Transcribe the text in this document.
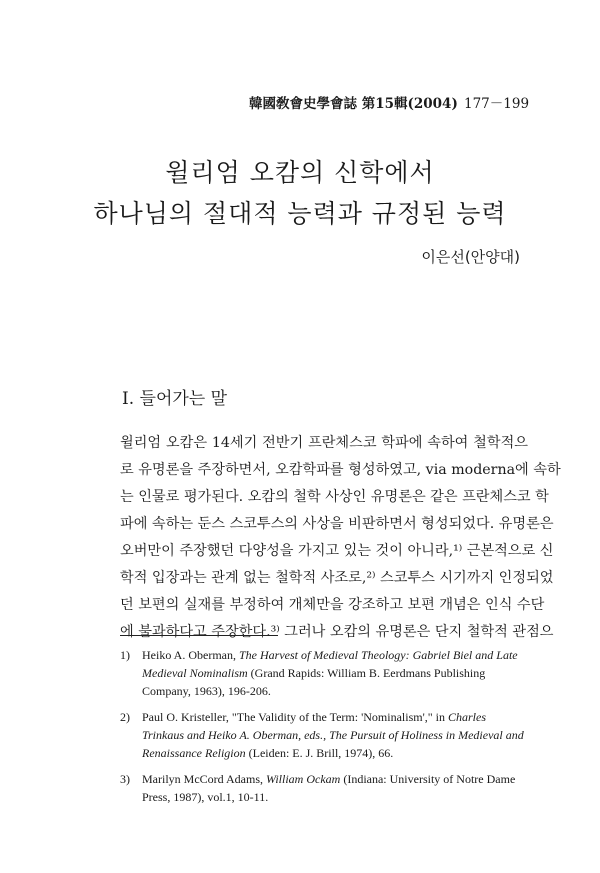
韓國敎會史學會誌 第15輯(2004) 177－199
윌리엄 오캄의 신학에서
하나님의 절대적 능력과 규정된 능력
이은선(안양대)
I. 들어가는 말
윌리엄 오캄은 14세기 전반기 프란체스코 학파에 속하여 철학적으
로 유명론을 주장하면서, 오캄학파를 형성하였고, via moderna에 속하
는 인물로 평가된다. 오캄의 철학 사상인 유명론은 같은 프란체스코 학
파에 속하는 둔스 스코투스의 사상을 비판하면서 형성되었다. 유명론은
오버만이 주장했던 다양성을 가지고 있는 것이 아니라,¹⁾ 근본적으로 신
학적 입장과는 관계 없는 철학적 사조로,²⁾ 스코투스 시기까지 인정되었
던 보편의 실재를 부정하여 개체만을 강조하고 보편 개념은 인식 수단
에 불과하다고 주장한다.³⁾ 그러나 오캄의 유명론은 단지 철학적 관점으
1) Heiko A. Oberman, The Harvest of Medieval Theology: Gabriel Biel and Late Medieval Nominalism (Grand Rapids: William B. Eerdmans Publishing Company, 1963), 196-206.
2) Paul O. Kristeller, "The Validity of the Term: 'Nominalism'," in Charles Trinkaus and Heiko A. Oberman, eds., The Pursuit of Holiness in Medieval and Renaissance Religion (Leiden: E. J. Brill, 1974), 66.
3) Marilyn McCord Adams, William Ockam (Indiana: University of Notre Dame Press, 1987), vol.1, 10-11.
